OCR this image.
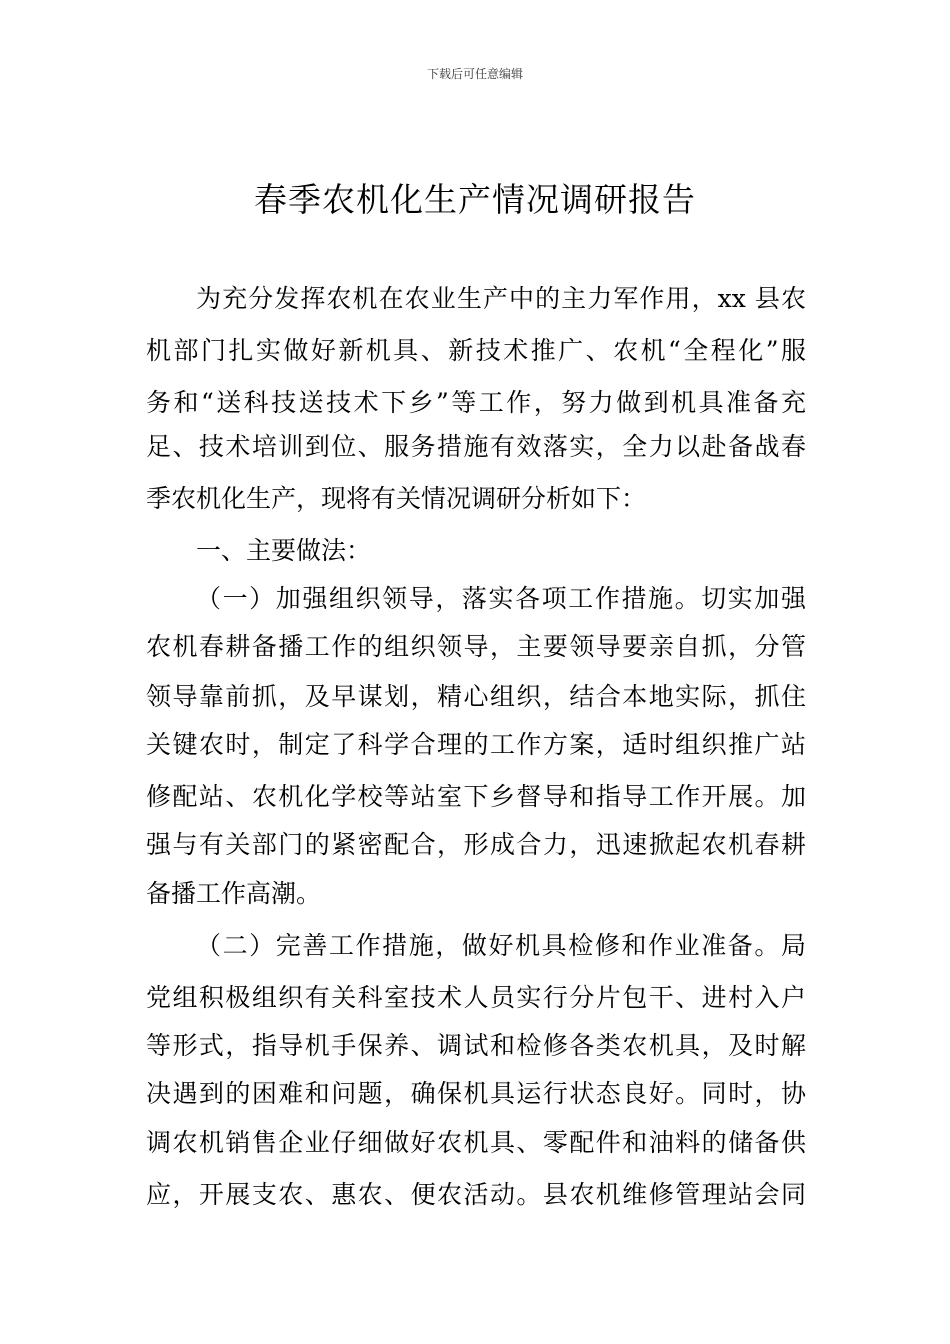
下载后可任意编辑
春季农机化生产情况调研报告
为充分发挥农机在农业生产中的主力军作用，xx 县农
机部门扎实做好新机具、新技术推广、农机“全程化”服
务和“送科技送技术下乡”等工作，努力做到机具准备充
足、技术培训到位、服务措施有效落实，全力以赴备战春
季农机化生产，现将有关情况调研分析如下：
一、主要做法：
（一）加强组织领导，落实各项工作措施。切实加强
农机春耕备播工作的组织领导，主要领导要亲自抓，分管
领导靠前抓，及早谋划，精心组织，结合本地实际，抓住
关键农时，制定了科学合理的工作方案，适时组织推广站
修配站、农机化学校等站室下乡督导和指导工作开展。加
强与有关部门的紧密配合，形成合力，迅速掀起农机春耕
备播工作高潮。
（二）完善工作措施，做好机具检修和作业准备。局
党组积极组织有关科室技术人员实行分片包干、进村入户
等形式，指导机手保养、调试和检修各类农机具，及时解
决遇到的困难和问题，确保机具运行状态良好。同时，协
调农机销售企业仔细做好农机具、零配件和油料的储备供
应，开展支农、惠农、便农活动。县农机维修管理站会同
